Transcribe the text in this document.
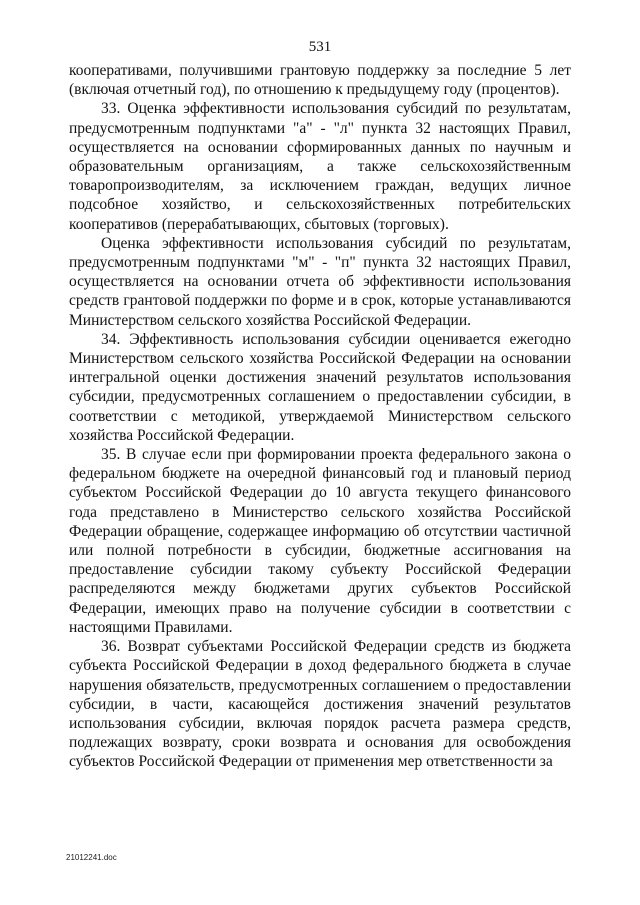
531

кооперативами, получившими грантовую поддержку за последние 5 лет (включая отчетный год), по отношению к предыдущему году (процентов).

33. Оценка эффективности использования субсидий по результатам, предусмотренным подпунктами "а" - "л" пункта 32 настоящих Правил, осуществляется на основании сформированных данных по научным и образовательным организациям, а также сельскохозяйственным товаропроизводителям, за исключением граждан, ведущих личное подсобное хозяйство, и сельскохозяйственных потребительских кооперативов (перерабатывающих, сбытовых (торговых).

Оценка эффективности использования субсидий по результатам, предусмотренным подпунктами "м" - "п" пункта 32 настоящих Правил, осуществляется на основании отчета об эффективности использования средств грантовой поддержки по форме и в срок, которые устанавливаются Министерством сельского хозяйства Российской Федерации.

34. Эффективность использования субсидии оценивается ежегодно Министерством сельского хозяйства Российской Федерации на основании интегральной оценки достижения значений результатов использования субсидии, предусмотренных соглашением о предоставлении субсидии, в соответствии с методикой, утверждаемой Министерством сельского хозяйства Российской Федерации.

35. В случае если при формировании проекта федерального закона о федеральном бюджете на очередной финансовый год и плановый период субъектом Российской Федерации до 10 августа текущего финансового года представлено в Министерство сельского хозяйства Российской Федерации обращение, содержащее информацию об отсутствии частичной или полной потребности в субсидии, бюджетные ассигнования на предоставление субсидии такому субъекту Российской Федерации распределяются между бюджетами других субъектов Российской Федерации, имеющих право на получение субсидии в соответствии с настоящими Правилами.

36. Возврат субъектами Российской Федерации средств из бюджета субъекта Российской Федерации в доход федерального бюджета в случае нарушения обязательств, предусмотренных соглашением о предоставлении субсидии, в части, касающейся достижения значений результатов использования субсидии, включая порядок расчета размера средств, подлежащих возврату, сроки возврата и основания для освобождения субъектов Российской Федерации от применения мер ответственности за

21012241.doc
